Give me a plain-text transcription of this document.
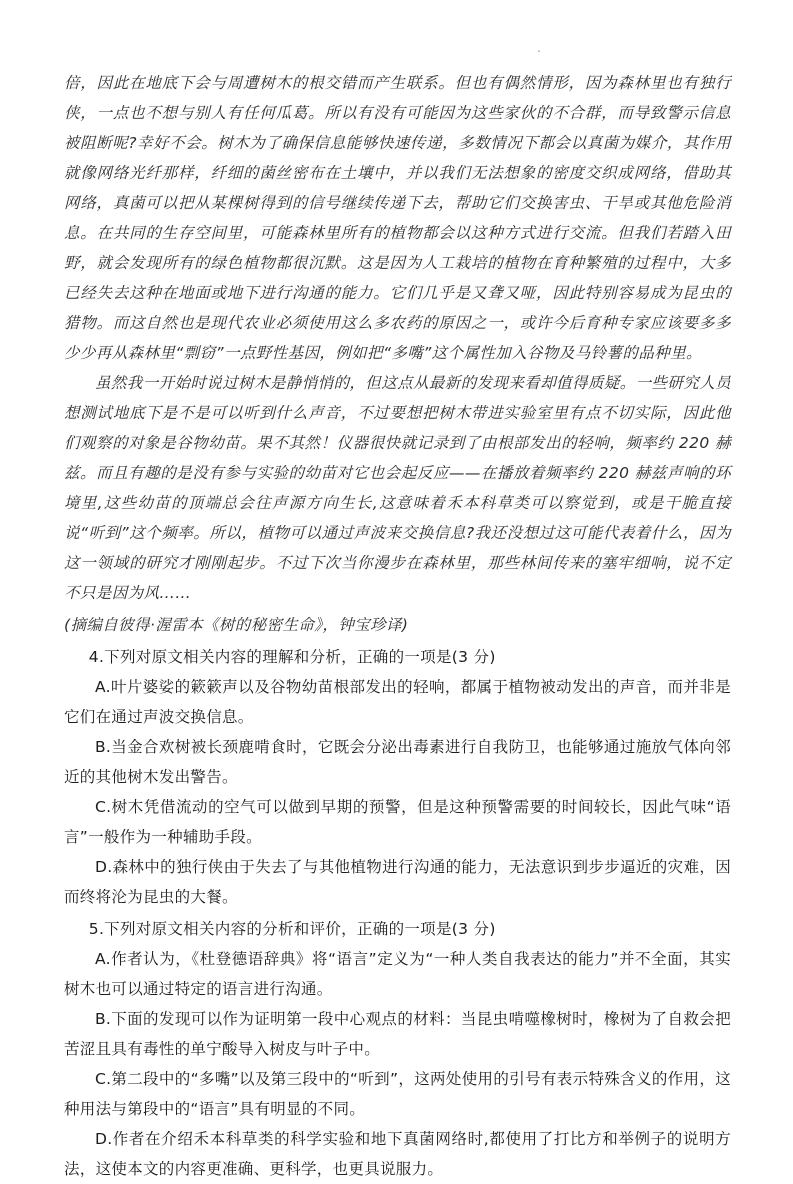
.

倍，因此在地底下会与周遭树木的根交错而产生联系。但也有偶然情形，因为森林里也有独行侠，一点也不想与别人有任何瓜葛。所以有没有可能因为这些家伙的不合群，而导致警示信息被阻断呢?幸好不会。树木为了确保信息能够快速传递，多数情况下都会以真菌为媒介，其作用就像网络光纤那样，纤细的菌丝密布在土壤中，并以我们无法想象的密度交织成网络，借助其网络，真菌可以把从某棵树得到的信号继续传递下去，帮助它们交换害虫、干旱或其他危险消息。在共同的生存空间里，可能森林里所有的植物都会以这种方式进行交流。但我们若踏入田野，就会发现所有的绿色植物都很沉默。这是因为人工栽培的植物在育种繁殖的过程中，大多已经失去这种在地面或地下进行沟通的能力。它们几乎是又聋又哑，因此特别容易成为昆虫的猎物。而这自然也是现代农业必须使用这么多农药的原因之一，或许今后育种专家应该要多多少少再从森林里“剽窃”一点野性基因，例如把“多嘴”这个属性加入谷物及马铃薯的品种里。

虽然我一开始时说过树木是静悄悄的，但这点从最新的发现来看却值得质疑。一些研究人员想测试地底下是不是可以听到什么声音，不过要想把树木带进实验室里有点不切实际，因此他们观察的对象是谷物幼苗。果不其然！仪器很快就记录到了由根部发出的轻响，频率约 220 赫兹。而且有趣的是没有参与实验的幼苗对它也会起反应——在播放着频率约 220 赫兹声响的环境里,这些幼苗的顶端总会往声源方向生长,这意味着禾本科草类可以察觉到，或是干脆直接说“听到”这个频率。所以，植物可以通过声波来交换信息?我还没想过这可能代表着什么，因为这一领域的研究才刚刚起步。不过下次当你漫步在森林里，那些林间传来的塞牢细响，说不定不只是因为风……

(摘编自彼得·渥雷本《树的秘密生命》，钟宝珍译)

4.下列对原文相关内容的理解和分析，正确的一项是(3 分)

A.叶片婆娑的簌簌声以及谷物幼苗根部发出的轻响，都属于植物被动发出的声音，而并非是它们在通过声波交换信息。

B.当金合欢树被长颈鹿啃食时，它既会分泌出毒素进行自我防卫，也能够通过施放气体向邻近的其他树木发出警告。

C.树木凭借流动的空气可以做到早期的预警，但是这种预警需要的时间较长，因此气味“语言”一般作为一种辅助手段。

D.森林中的独行侠由于失去了与其他植物进行沟通的能力，无法意识到步步逼近的灾难，因而终将沦为昆虫的大餐。

5.下列对原文相关内容的分析和评价，正确的一项是(3 分)

A.作者认为，《杜登德语辞典》将“语言”定义为“一种人类自我表达的能力”并不全面，其实树木也可以通过特定的语言进行沟通。

B.下面的发现可以作为证明第一段中心观点的材料：当昆虫啃噬橡树时，橡树为了自救会把苦涩且具有毒性的单宁酸导入树皮与叶子中。

C.第二段中的“多嘴”以及第三段中的“听到”，这两处使用的引号有表示特殊含义的作用，这种用法与第段中的“语言”具有明显的不同。

D.作者在介绍禾本科草类的科学实验和地下真菌网络时,都使用了打比方和举例子的说明方法，这使本文的内容更准确、更科学，也更具说服力。
